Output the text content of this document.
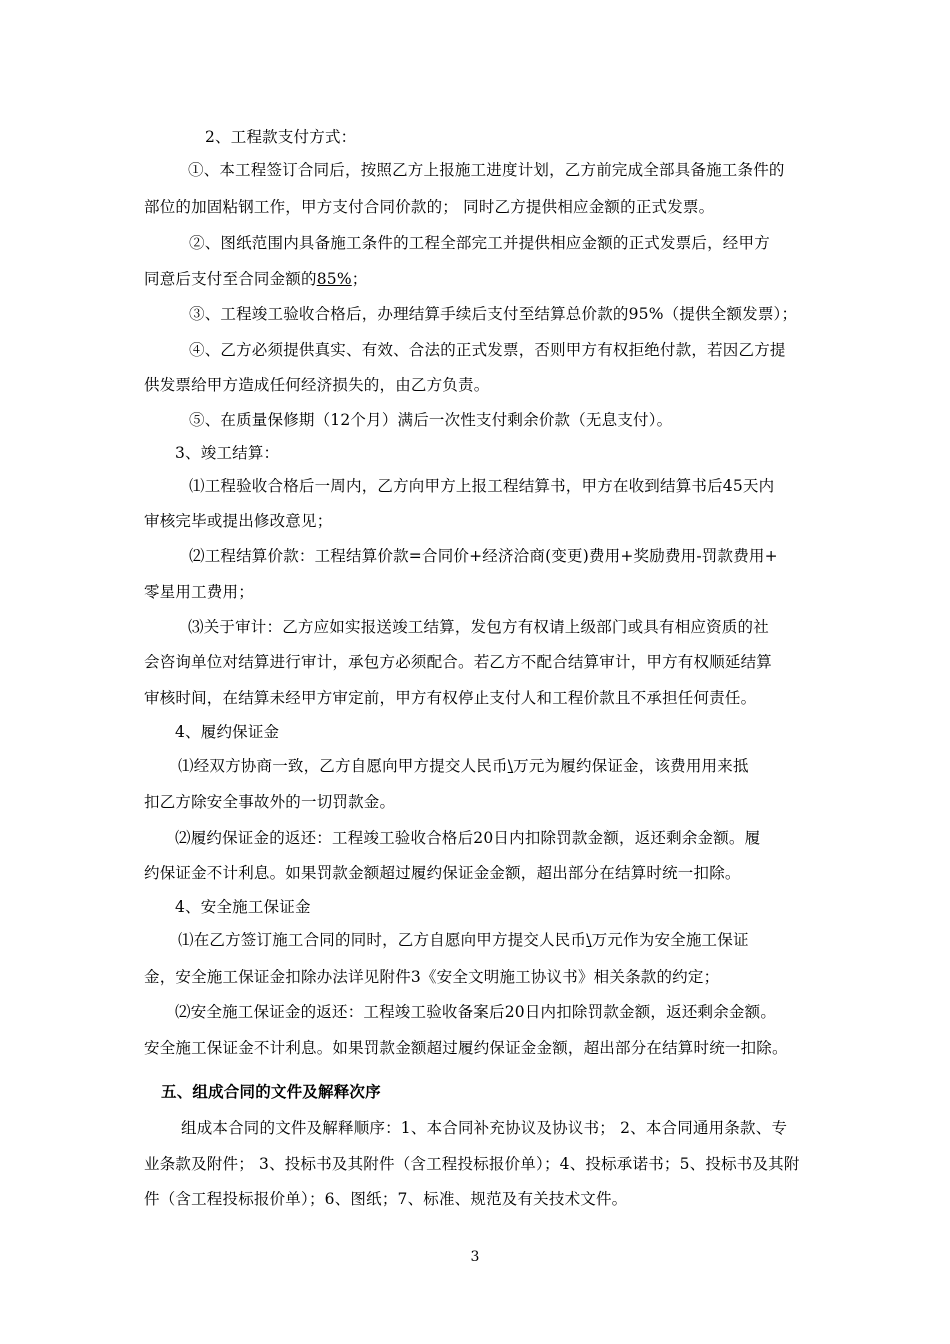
2、工程款支付方式：
①、本工程签订合同后，按照乙方上报施工进度计划，乙方前完成全部具备施工条件的
部位的加固粘钢工作，甲方支付合同价款的； 同时乙方提供相应金额的正式发票。
②、图纸范围内具备施工条件的工程全部完工并提供相应金额的正式发票后，经甲方
同意后支付至合同金额的85%；
③、工程竣工验收合格后，办理结算手续后支付至结算总价款的95%（提供全额发票）；
④、乙方必须提供真实、有效、合法的正式发票，否则甲方有权拒绝付款，若因乙方提
供发票给甲方造成任何经济损失的，由乙方负责。
⑤、在质量保修期（12个月）满后一次性支付剩余价款（无息支付）。
3、竣工结算：
⑴工程验收合格后一周内，乙方向甲方上报工程结算书，甲方在收到结算书后45天内
审核完毕或提出修改意见；
⑵工程结算价款：工程结算价款=合同价+经济洽商(变更)费用+奖励费用-罚款费用+
零星用工费用；
⑶关于审计：乙方应如实报送竣工结算，发包方有权请上级部门或具有相应资质的社
会咨询单位对结算进行审计，承包方必须配合。若乙方不配合结算审计，甲方有权顺延结算
审核时间，在结算未经甲方审定前，甲方有权停止支付人和工程价款且不承担任何责任。
4、履约保证金
⑴经双方协商一致，乙方自愿向甲方提交人民币\万元为履约保证金，该费用用来抵
扣乙方除安全事故外的一切罚款金。
⑵履约保证金的返还：工程竣工验收合格后20日内扣除罚款金额，返还剩余金额。履
约保证金不计利息。如果罚款金额超过履约保证金金额，超出部分在结算时统一扣除。
4、安全施工保证金
⑴在乙方签订施工合同的同时，乙方自愿向甲方提交人民币\万元作为安全施工保证
金，安全施工保证金扣除办法详见附件3《安全文明施工协议书》相关条款的约定；
⑵安全施工保证金的返还：工程竣工验收备案后20日内扣除罚款金额，返还剩余金额。
安全施工保证金不计利息。如果罚款金额超过履约保证金金额，超出部分在结算时统一扣除。
五、组成合同的文件及解释次序
组成本合同的文件及解释顺序：1、本合同补充协议及协议书； 2、本合同通用条款、专
业条款及附件； 3、投标书及其附件（含工程投标报价单）；4、投标承诺书；5、投标书及其附
件（含工程投标报价单）；6、图纸；7、标准、规范及有关技术文件。
3
